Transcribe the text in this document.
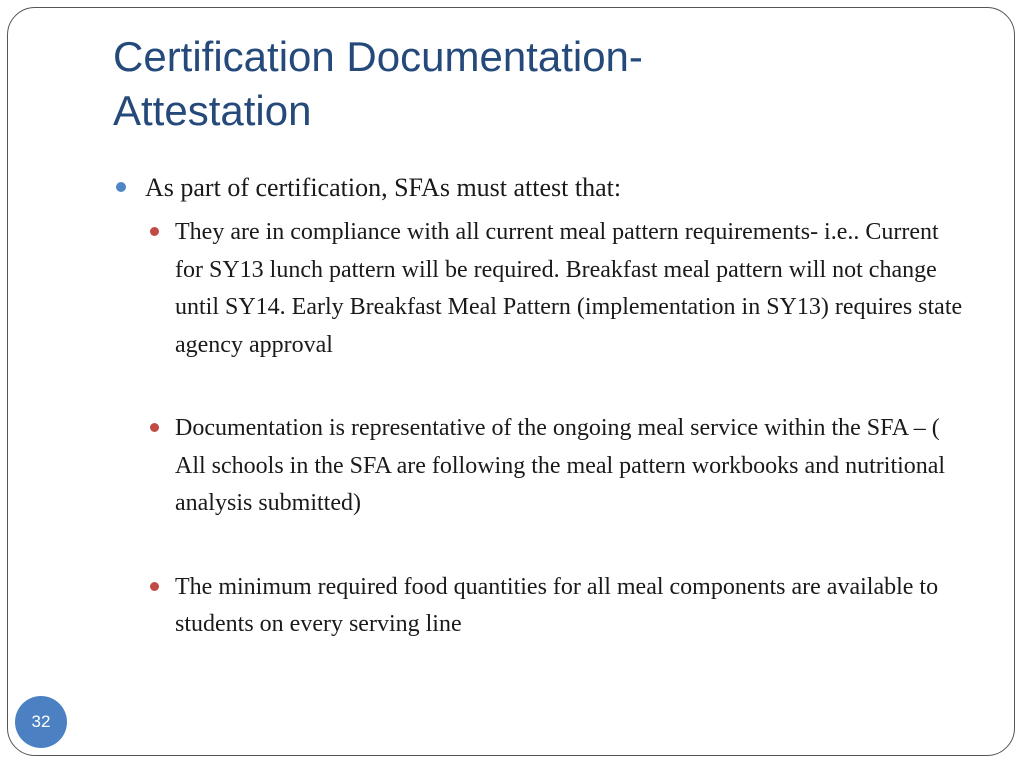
Certification Documentation-
Attestation
As part of certification, SFAs must attest that:
They are in compliance with all current meal pattern requirements- i.e.. Current for SY13 lunch pattern will be required. Breakfast meal pattern will not change until SY14. Early Breakfast Meal Pattern (implementation in SY13) requires state agency approval
Documentation is representative of the ongoing meal service within the SFA – ( All schools in the SFA are following the meal pattern workbooks and nutritional analysis submitted)
The minimum required food quantities for all meal components are available to students on every serving line
32
